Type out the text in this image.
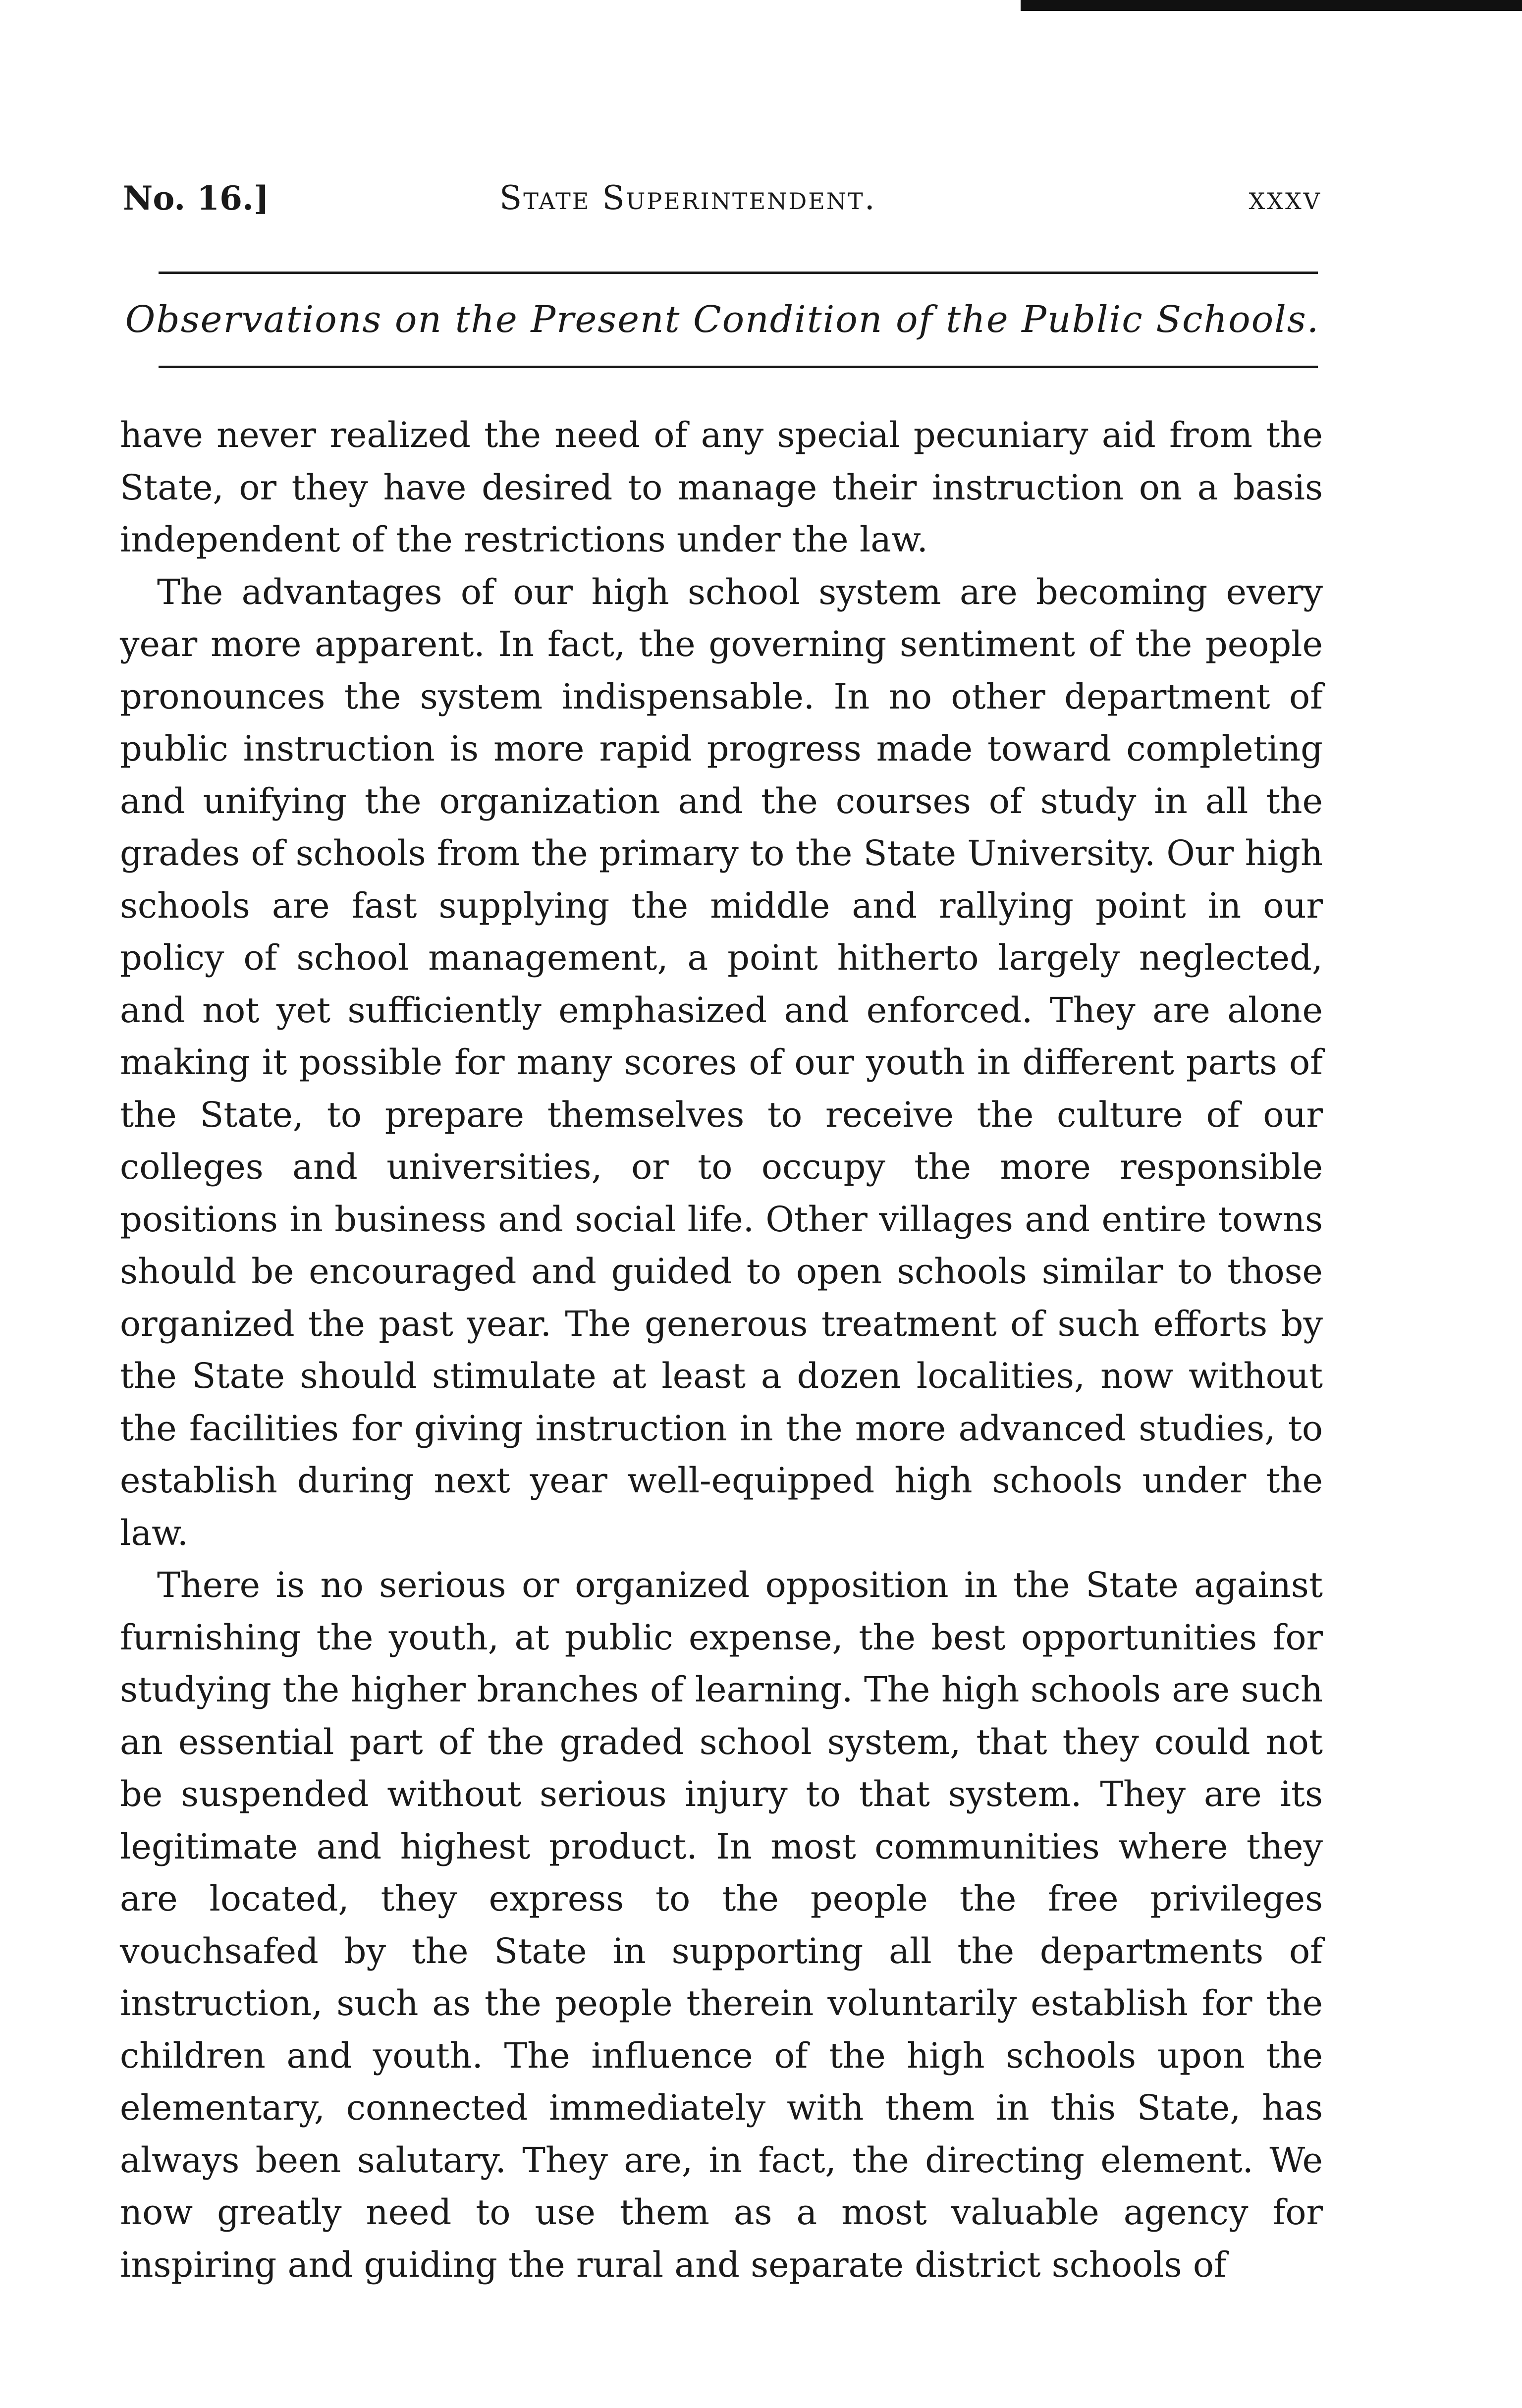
No. 16.]	State Superintendent.	xxxv
Observations on the Present Condition of the Public Schools.

have never realized the need of any special pecuniary aid from the State, or they have desired to manage their instruction on a basis independent of the restrictions under the law.

The advantages of our high school system are becoming every year more apparent. In fact, the governing sentiment of the people pronounces the system indispensable. In no other department of public instruction is more rapid progress made toward completing and unifying the organization and the courses of study in all the grades of schools from the primary to the State University. Our high schools are fast supplying the middle and rallying point in our policy of school management, a point hitherto largely neglected, and not yet sufficiently emphasized and enforced. They are alone making it possible for many scores of our youth in different parts of the State, to prepare themselves to receive the culture of our colleges and universities, or to occupy the more responsible positions in business and social life. Other villages and entire towns should be encouraged and guided to open schools similar to those organized the past year. The generous treatment of such efforts by the State should stimulate at least a dozen localities, now without the facilities for giving instruction in the more advanced studies, to establish during next year well-equipped high schools under the law.

There is no serious or organized opposition in the State against furnishing the youth, at public expense, the best opportunities for studying the higher branches of learning. The high schools are such an essential part of the graded school system, that they could not be suspended without serious injury to that system. They are its legitimate and highest product. In most communities where they are located, they express to the people the free privileges vouchsafed by the State in supporting all the departments of instruction, such as the people therein voluntarily establish for the children and youth. The influence of the high schools upon the elementary, connected immediately with them in this State, has always been salutary. They are, in fact, the directing element. We now greatly need to use them as a most valuable agency for inspiring and guiding the rural and separate district schools of
